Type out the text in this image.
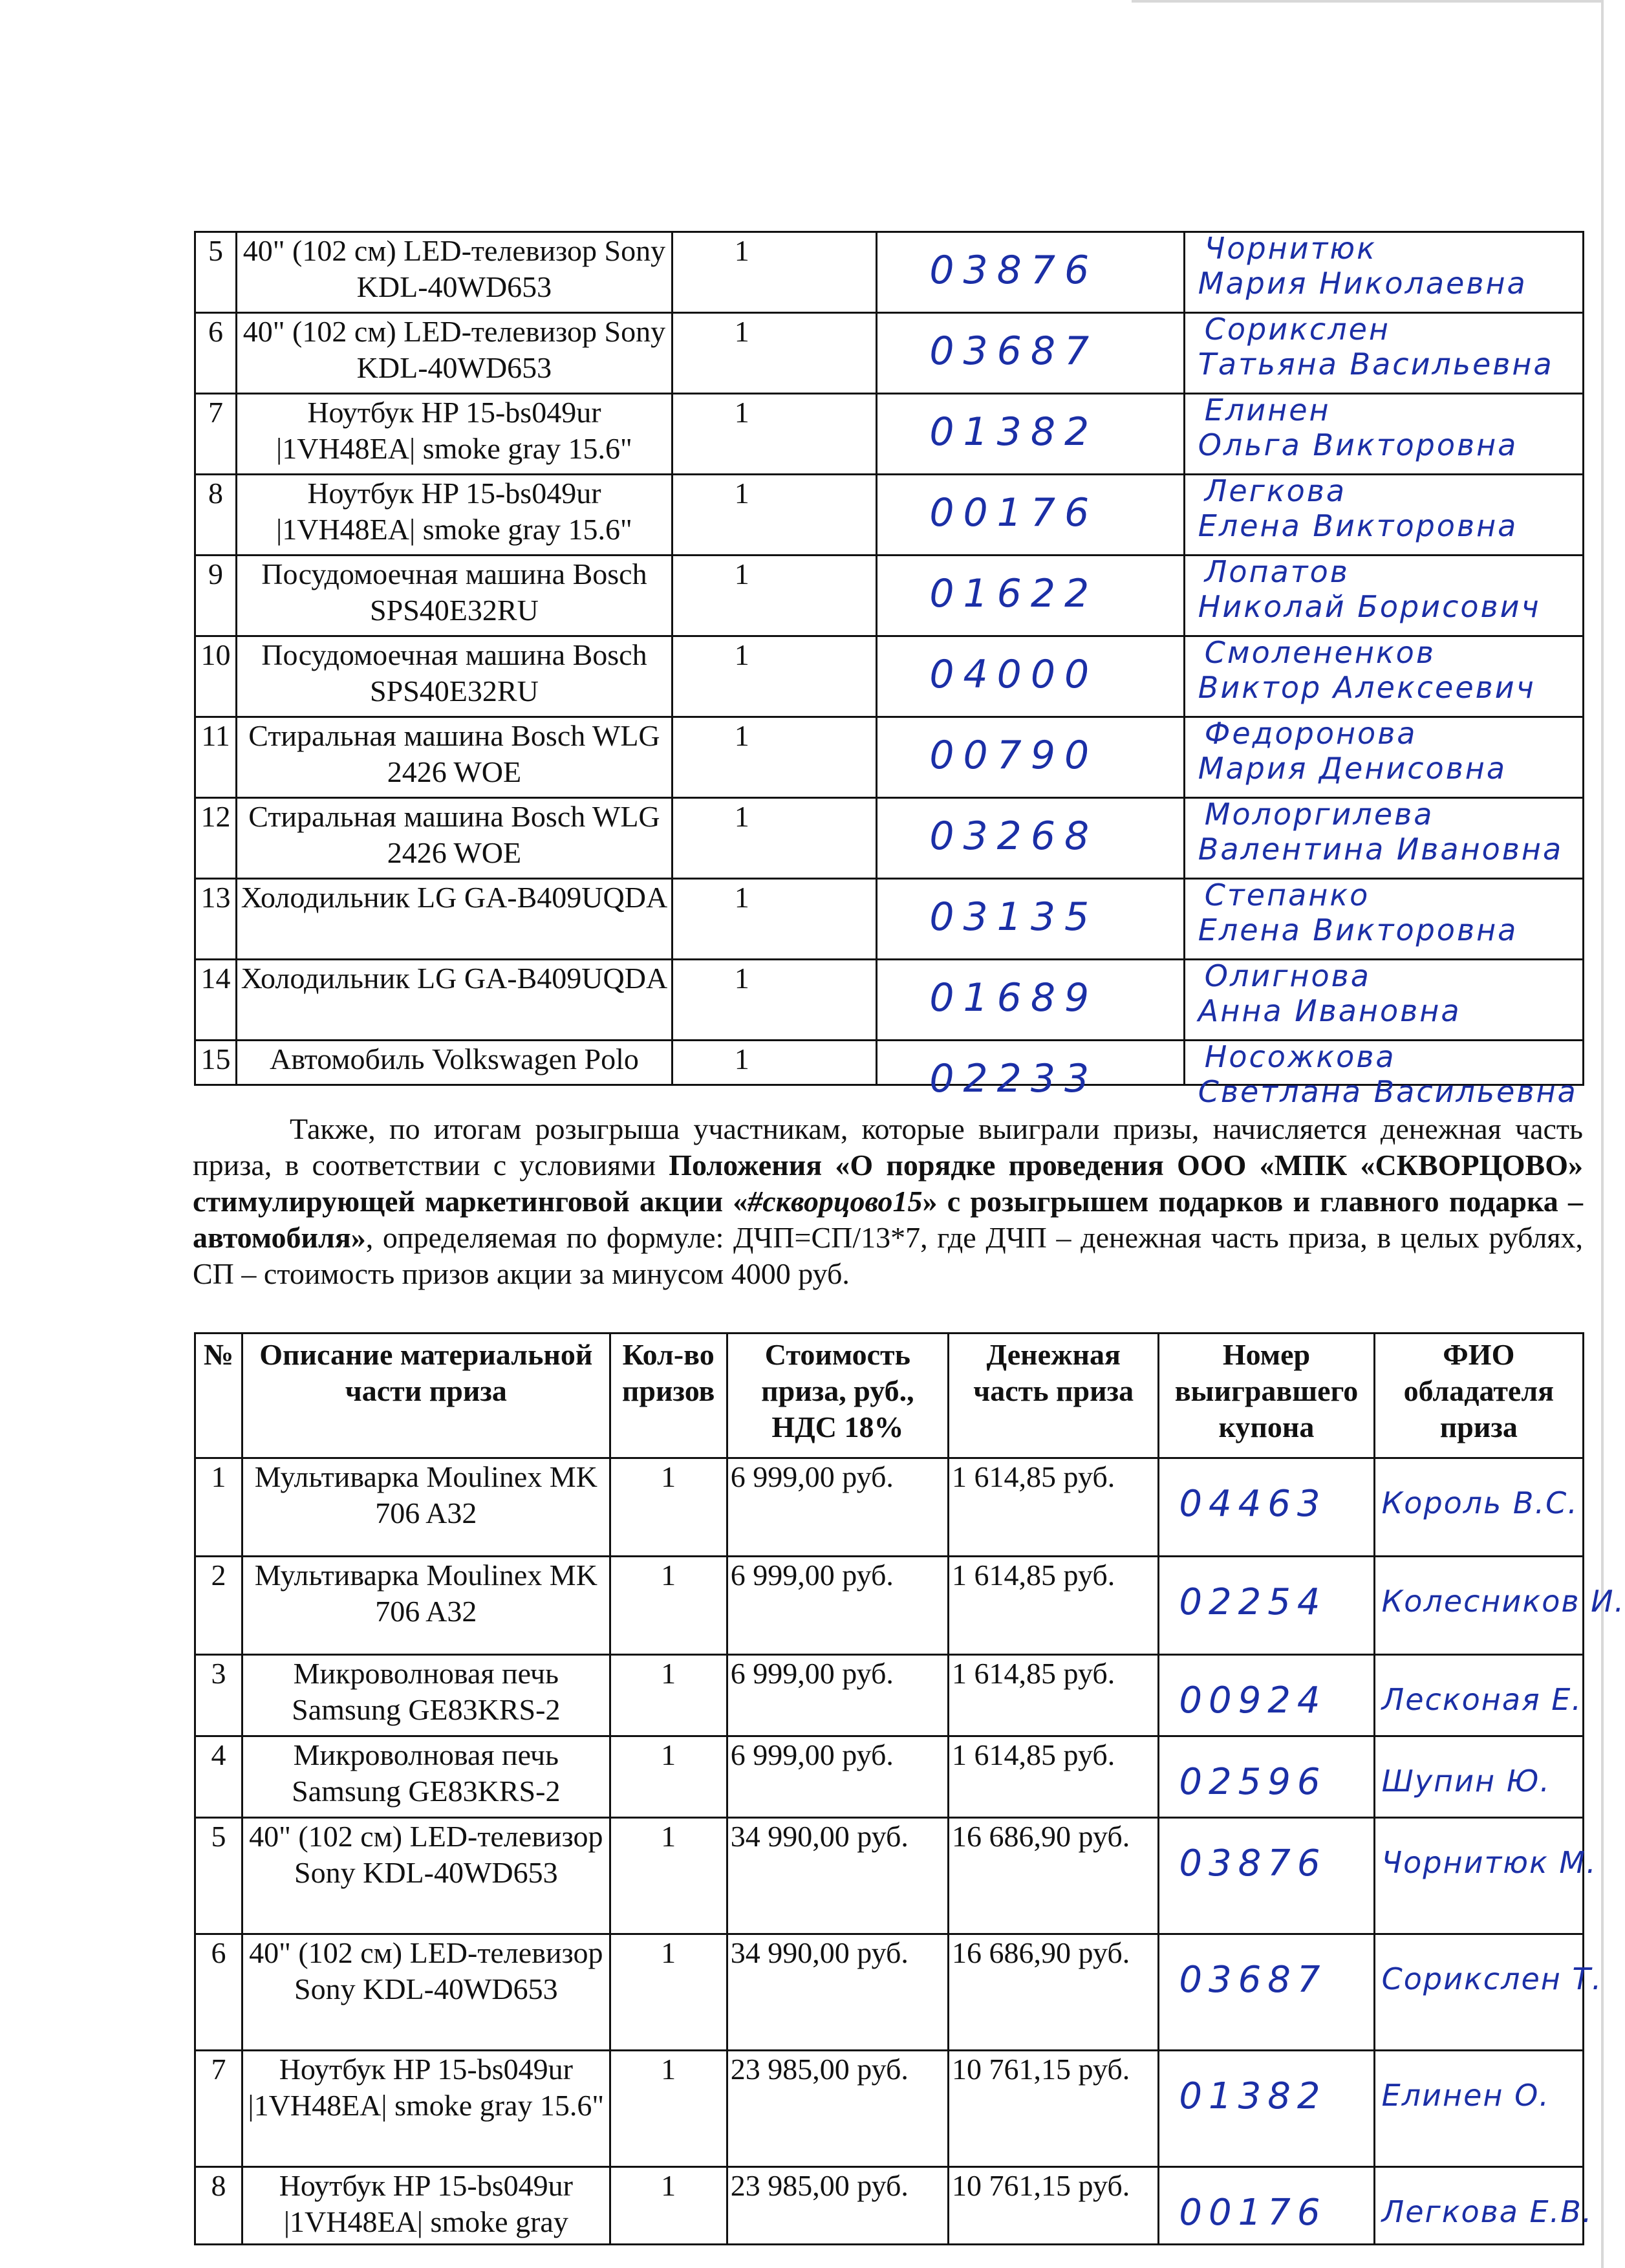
5	40" (102 см) LED-телевизор Sony KDL-40WD653	1	03876	Чорнитюк
Мария Николаевна

6	40" (102 см) LED-телевизор Sony KDL-40WD653	1	03687	Сорикслен
Татьяна Васильевна

7	Ноутбук HP 15-bs049ur |1VH48EA| smoke gray 15.6"	1	01382	Елинен
Ольга Викторовна

8	Ноутбук HP 15-bs049ur |1VH48EA| smoke gray 15.6"	1	00176	Легкова
Елена Викторовна

9	Посудомоечная машина Bosch SPS40E32RU	1	01622	Лопатов
Николай Борисович

10	Посудомоечная машина Bosch SPS40E32RU	1	04000	Смолененков
Виктор Алексеевич

11	Стиральная машина Bosch WLG 2426 WOE	1	00790	Федоронова
Мария Денисовна

12	Стиральная машина Bosch WLG 2426 WOE	1	03268	Молоргилева
Валентина Ивановна

13	Холодильник LG GA-B409UQDA	1	03135	Степанко
Елена Викторовна

14	Холодильник LG GA-B409UQDA	1	01689	Олигнова
Анна Ивановна

15	Автомобиль Volkswagen Polo	1	02233	Носожкова
Светлана Васильевна

Также, по итогам розыгрыша участникам, которые выиграли призы, начисляется денежная часть приза, в соответствии с условиями Положения «О порядке проведения ООО «МПК «СКВОРЦОВО» стимулирующей маркетинговой акции «#скворцово15» с розыгрышем подарков и главного подарка – автомобиля», определяемая по формуле: ДЧП=СП/13*7, где ДЧП – денежная часть приза, в целых рублях, СП – стоимость призов акции за минусом 4000 руб.

№	Описание материальной части приза	Кол-во призов	Стоимость приза, руб., НДС 18%	Денежная часть приза	Номер выигравшего купона	ФИО обладателя приза
1	Мультиварка Moulinex MK 706 A32	1	6 999,00 руб.	1 614,85 руб.	04463	Король В.С.

2	Мультиварка Moulinex MK 706 A32	1	6 999,00 руб.	1 614,85 руб.	02254	Колесников И.

3	Микроволновая печь Samsung GE83KRS-2	1	6 999,00 руб.	1 614,85 руб.	00924	Лесконая Е.

4	Микроволновая печь Samsung GE83KRS-2	1	6 999,00 руб.	1 614,85 руб.	02596	Шупин Ю.

5	40" (102 см) LED-телевизор Sony KDL-40WD653	1	34 990,00 руб.	16 686,90 руб.	03876	Чорнитюк М.

6	40" (102 см) LED-телевизор Sony KDL-40WD653	1	34 990,00 руб.	16 686,90 руб.	03687	Сорикслен Т.

7	Ноутбук HP 15-bs049ur |1VH48EA| smoke gray 15.6"	1	23 985,00 руб.	10 761,15 руб.	01382	Елинен О.

8	Ноутбук HP 15-bs049ur |1VH48EA| smoke gray	1	23 985,00 руб.	10 761,15 руб.	00176	Легкова Е.В.
